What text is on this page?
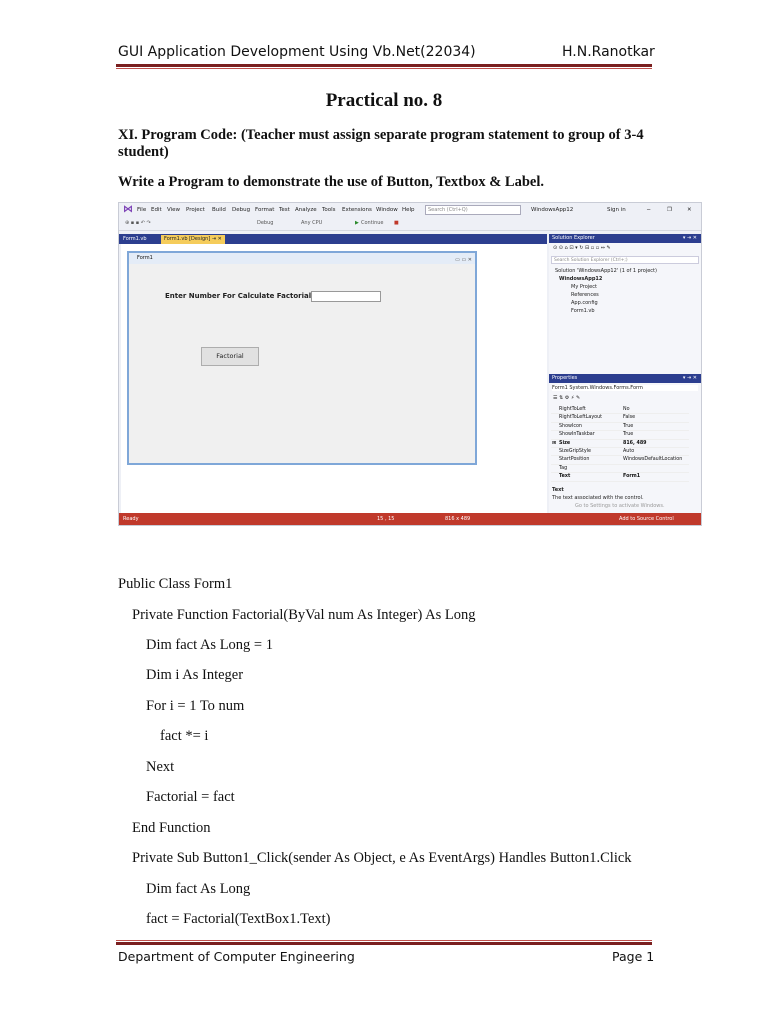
GUI Application Development Using Vb.Net(22034)	H.N.Ranotkar
Practical no. 8
XI. Program Code: (Teacher must assign separate program statement to group of 3-4
student)
Write a Program to demonstrate the use of Button, Textbox & Label.
⋈ File Edit View Project Build Debug Format Test Analyze Tools Extensions Window Help	Search (Ctrl+Q)	WindowsApp12	Sign in	─	❐	✕
⊕ ▪ ▪ ↶ ↷	Debug	Any CPU	▶ Continue ■
Form1.vb	Form1.vb [Design] ⇥ ✕
Form1	▭ ▭ ✕
Enter Number For Calculate Factorial
Factorial
Solution Explorer	▾ ⇥ ✕
⊙ ⊙ ⌂ ⊡ ▾ ↻ ⊟ ▫ ▫ ⇔ ✎
Search Solution Explorer (Ctrl+;)
Solution 'WindowsApp12' (1 of 1 project)
WindowsApp12
My Project
References
App.config
Form1.vb
Properties	▾ ⇥ ✕
Form1 System.Windows.Forms.Form
☰ ⇅ ⚙ ⚡ ✎
RightToLeft	No
RightToLeftLayout	False
ShowIcon	True
ShowInTaskbar	True
⊞ Size	816, 489
SizeGripStyle	Auto
StartPosition	WindowsDefaultLocation
Tag
Text	Form1
Text
The text associated with the control.
Go to Settings to activate Windows.
Ready	15 , 15	816 x 489	Add to Source Control
Public Class Form1
Private Function Factorial(ByVal num As Integer) As Long
Dim fact As Long = 1
Dim i As Integer
For i = 1 To num
fact *= i
Next
Factorial = fact
End Function
Private Sub Button1_Click(sender As Object, e As EventArgs) Handles Button1.Click
Dim fact As Long
fact = Factorial(TextBox1.Text)
Department of Computer Engineering	Page 1
